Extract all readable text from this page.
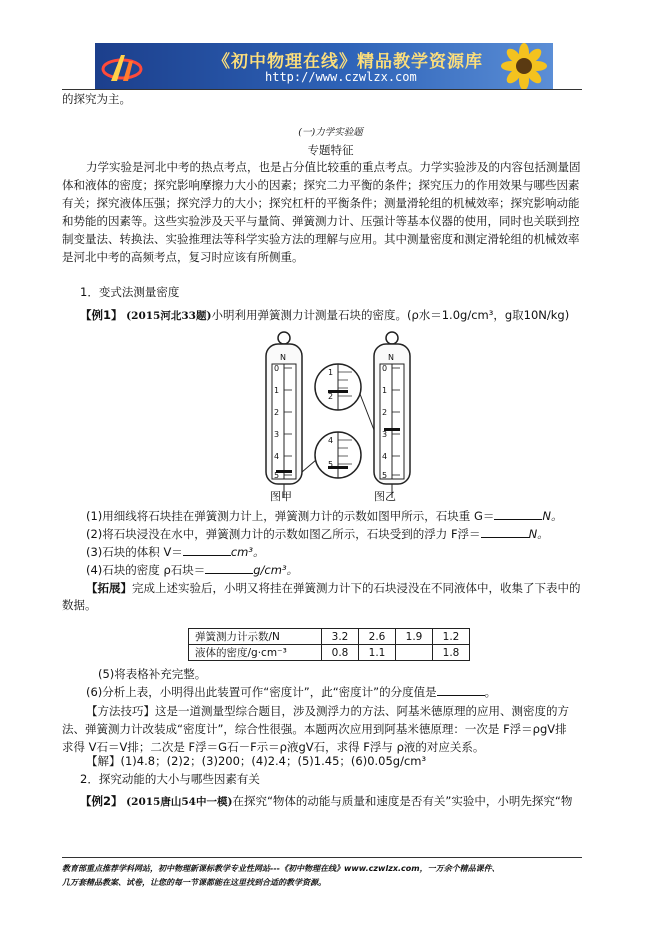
《初中物理在线》精品教学资源库
http://www.czwlzx.com
的探究为主。
(一)力学实验题
专题特征
力学实验是河北中考的热点考点，也是占分值比较重的重点考点。力学实验涉及的内容包括测量固
体和液体的密度；探究影响摩擦力大小的因素；探究二力平衡的条件；探究压力的作用效果与哪些因素
有关；探究液体压强；探究浮力的大小；探究杠杆的平衡条件；测量滑轮组的机械效率；探究影响动能
和势能的因素等。这些实验涉及天平与量筒、弹簧测力计、压强计等基本仪器的使用，同时也关联到控
制变量法、转换法、实验推理法等科学实验方法的理解与应用。其中测量密度和测定滑轮组的机械效率
是河北中考的高频考点，复习时应该有所侧重。
1．变式法测量密度
【例1】 (2015河北33题)小明利用弹簧测力计测量石块的密度。(ρ水＝1.0g/cm³，g取10N/kg)
N	N
0	0
1	1
2	2
3	3
4	4
5	5
1
2
4
5
图甲	图乙
(1)用细线将石块挂在弹簧测力计上，弹簧测力计的示数如图甲所示，石块重 G＝	N。
(2)将石块浸没在水中，弹簧测力计的示数如图乙所示，石块受到的浮力 F浮＝	N。
(3)石块的体积 V＝	cm³。
(4)石块的密度 ρ石块＝	g/cm³。
【拓展】完成上述实验后，小明又将挂在弹簧测力计下的石块浸没在不同液体中，收集了下表中的
数据。
弹簧测力计示数/N	3.2	2.6	1.9	1.2
液体的密度/g·cm⁻³	0.8	1.1		1.8
(5)将表格补充完整。
(6)分析上表，小明得出此装置可作“密度计”，此“密度计”的分度值是	。
【方法技巧】这是一道测量型综合题目，涉及测浮力的方法、阿基米德原理的应用、测密度的方
法、弹簧测力计改装成“密度计”，综合性很强。本题两次应用到阿基米德原理：一次是 F浮＝ρgV排
求得 V石＝V排；二次是 F浮＝G石－F示＝ρ液gV石，求得 F浮与 ρ液的对应关系。
【解】(1)4.8；(2)2；(3)200；(4)2.4；(5)1.45；(6)0.05g/cm³
2．探究动能的大小与哪些因素有关
【例2】 (2015唐山54中一模)在探究“物体的动能与质量和速度是否有关”实验中，小明先探究“物
教育部重点推荐学科网站，初中物理新课标教学专业性网站---《初中物理在线》www.czwlzx.com，一万余个精品课件、
几万套精品教案、试卷，让您的每一节课都能在这里找到合适的教学资源。
